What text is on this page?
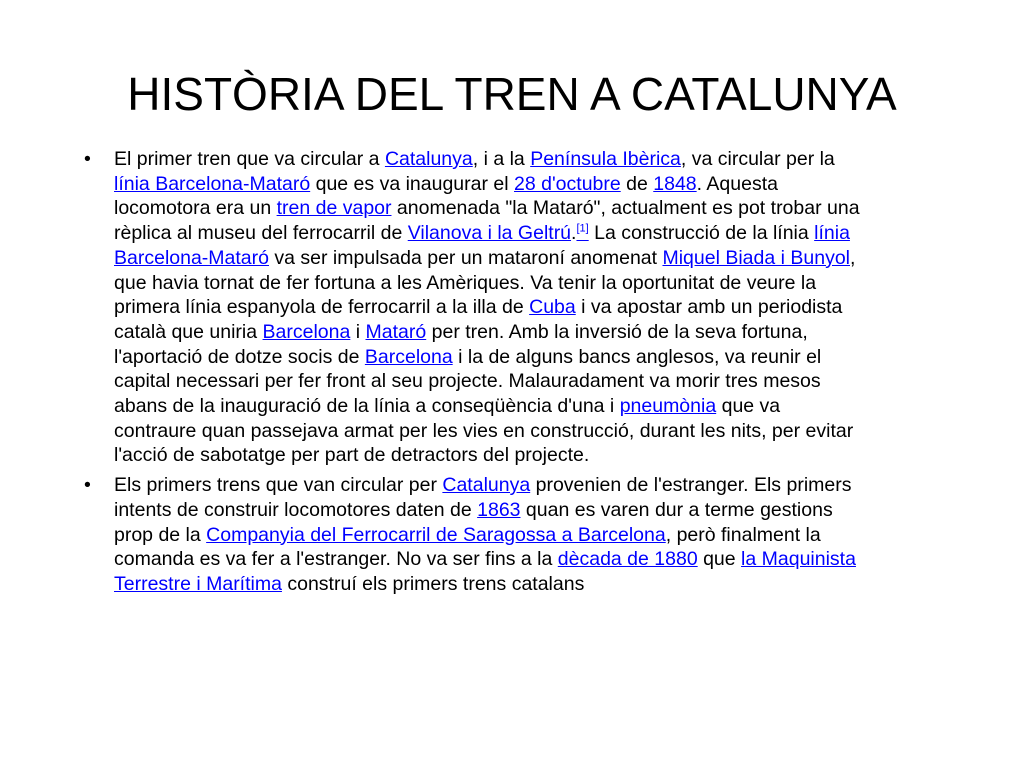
HISTÒRIA DEL TREN A CATALUNYA
•	El primer tren que va circular a Catalunya, i a la Península Ibèrica, va circular per la línia Barcelona-Mataró que es va inaugurar el 28 d'octubre de 1848. Aquesta locomotora era un tren de vapor anomenada "la Mataró", actualment es pot trobar una rèplica al museu del ferrocarril de Vilanova i la Geltrú.[1] La construcció de la línia línia Barcelona-Mataró va ser impulsada per un mataroní anomenat Miquel Biada i Bunyol, que havia tornat de fer fortuna a les Amèriques. Va tenir la oportunitat de veure la primera línia espanyola de ferrocarril a la illa de Cuba i va apostar amb un periodista català que uniria Barcelona i Mataró per tren. Amb la inversió de la seva fortuna, l'aportació de dotze socis de Barcelona i la de alguns bancs anglesos, va reunir el capital necessari per fer front al seu projecte. Malauradament va morir tres mesos abans de la inauguració de la línia a conseqüència d'una i pneumònia que va contraure quan passejava armat per les vies en construcció, durant les nits, per evitar l'acció de sabotatge per part de detractors del projecte.
•	Els primers trens que van circular per Catalunya provenien de l'estranger. Els primers intents de construir locomotores daten de 1863 quan es varen dur a terme gestions prop de la Companyia del Ferrocarril de Saragossa a Barcelona, però finalment la comanda es va fer a l'estranger. No va ser fins a la dècada de 1880 que la Maquinista Terrestre i Marítima construí els primers trens catalans
